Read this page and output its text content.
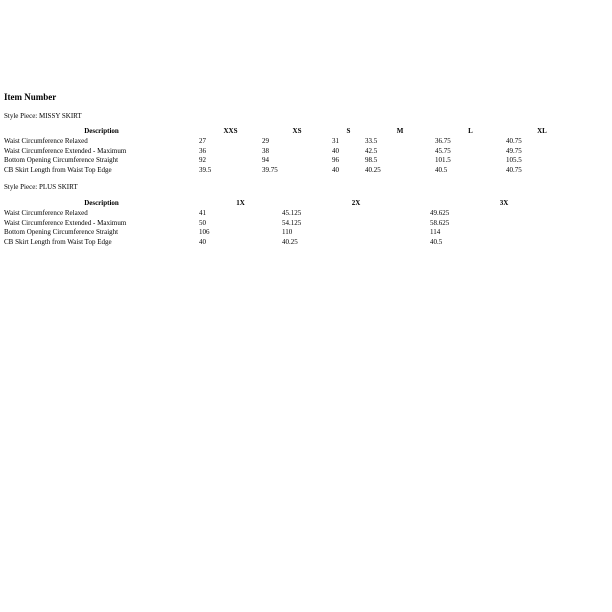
Item Number
Style Piece: MISSY SKIRT
Description	XXS	XS	S	M	L	XL
Waist Circumference Relaxed	27	29	31	33.5	36.75	40.75
Waist Circumference Extended - Maximum	36	38	40	42.5	45.75	49.75
Bottom Opening Circumference Straight	92	94	96	98.5	101.5	105.5
CB Skirt Length from Waist Top Edge	39.5	39.75	40	40.25	40.5	40.75
Style Piece: PLUS SKIRT
Description	1X	2X	3X
Waist Circumference Relaxed	41	45.125	49.625
Waist Circumference Extended - Maximum	50	54.125	58.625
Bottom Opening Circumference Straight	106	110	114
CB Skirt Length from Waist Top Edge	40	40.25	40.5
